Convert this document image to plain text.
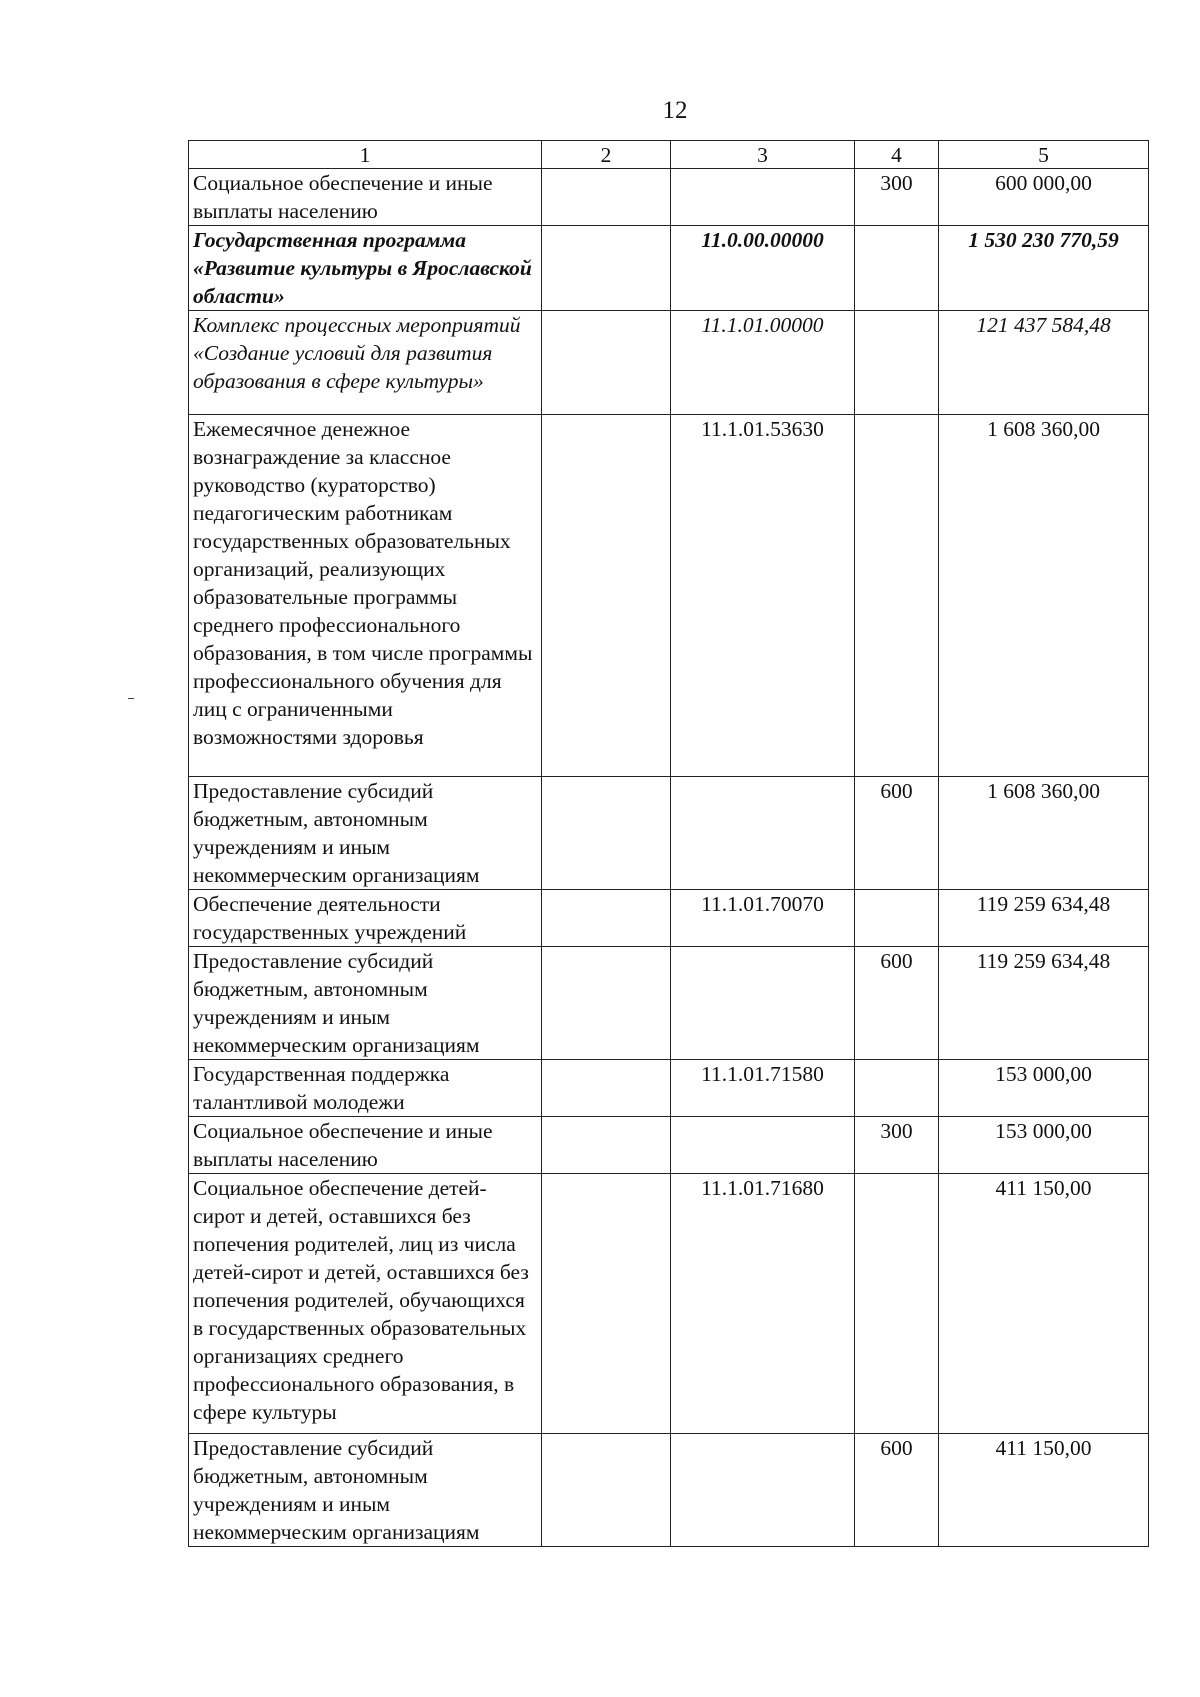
12
1	2	3	4	5
Социальное обеспечение и иные выплаты населению			300	600 000,00
Государственная программа «Развитие культуры в Ярославской области»		11.0.00.00000		1 530 230 770,59
Комплекс процессных мероприятий «Создание условий для развития образования в сфере культуры»		11.1.01.00000		121 437 584,48
Ежемесячное денежное вознаграждение за классное руководство (кураторство) педагогическим работникам государственных образовательных организаций, реализующих образовательные программы среднего профессионального образования, в том числе программы профессионального обучения для лиц с ограниченными возможностями здоровья		11.1.01.53630		1 608 360,00
Предоставление субсидий бюджетным, автономным учреждениям и иным некоммерческим организациям			600	1 608 360,00
Обеспечение деятельности государственных учреждений		11.1.01.70070		119 259 634,48
Предоставление субсидий бюджетным, автономным учреждениям и иным некоммерческим организациям			600	119 259 634,48
Государственная поддержка талантливой молодежи		11.1.01.71580		153 000,00
Социальное обеспечение и иные выплаты населению			300	153 000,00
Социальное обеспечение детей-сирот и детей, оставшихся без попечения родителей, лиц из числа детей-сирот и детей, оставшихся без попечения родителей, обучающихся в государственных образовательных организациях среднего профессионального образования, в сфере культуры		11.1.01.71680		411 150,00
Предоставление субсидий бюджетным, автономным учреждениям и иным некоммерческим организациям			600	411 150,00
